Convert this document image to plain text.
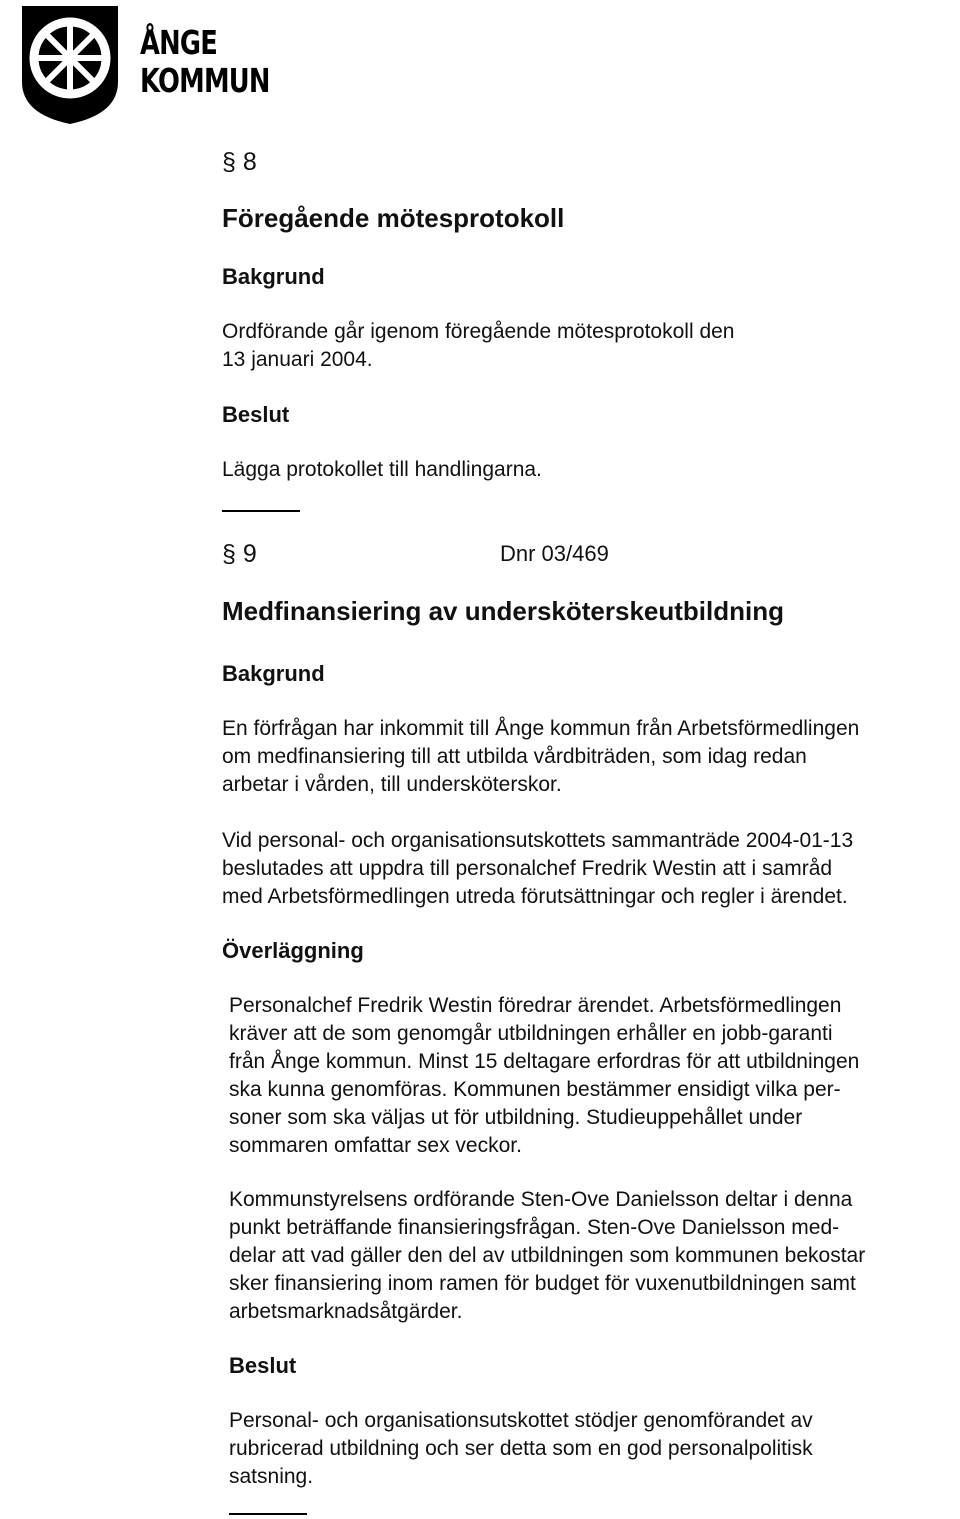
ÅNGE
KOMMUN
§ 8
Föregående mötesprotokoll
Bakgrund
Ordförande går igenom föregående mötesprotokoll den
13 januari 2004.
Beslut
Lägga protokollet till handlingarna.
§ 9	Dnr 03/469
Medfinansiering av undersköterskeutbildning
Bakgrund
En förfrågan har inkommit till Ånge kommun från Arbetsförmedlingen
om medfinansiering till att utbilda vårdbiträden, som idag redan
arbetar i vården, till undersköterskor.
Vid personal- och organisationsutskottets sammanträde 2004-01-13
beslutades att uppdra till personalchef Fredrik Westin att i samråd
med Arbetsförmedlingen utreda förutsättningar och regler i ärendet.
Överläggning
Personalchef Fredrik Westin föredrar ärendet. Arbetsförmedlingen
kräver att de som genomgår utbildningen erhåller en jobb-garanti
från Ånge kommun. Minst 15 deltagare erfordras för att utbildningen
ska kunna genomföras. Kommunen bestämmer ensidigt vilka per-
soner som ska väljas ut för utbildning. Studieuppehållet under
sommaren omfattar sex veckor.
Kommunstyrelsens ordförande Sten-Ove Danielsson deltar i denna
punkt beträffande finansieringsfrågan. Sten-Ove Danielsson med-
delar att vad gäller den del av utbildningen som kommunen bekostar
sker finansiering inom ramen för budget för vuxenutbildningen samt
arbetsmarknadsåtgärder.
Beslut
Personal- och organisationsutskottet stödjer genomförandet av
rubricerad utbildning och ser detta som en god personalpolitisk
satsning.
